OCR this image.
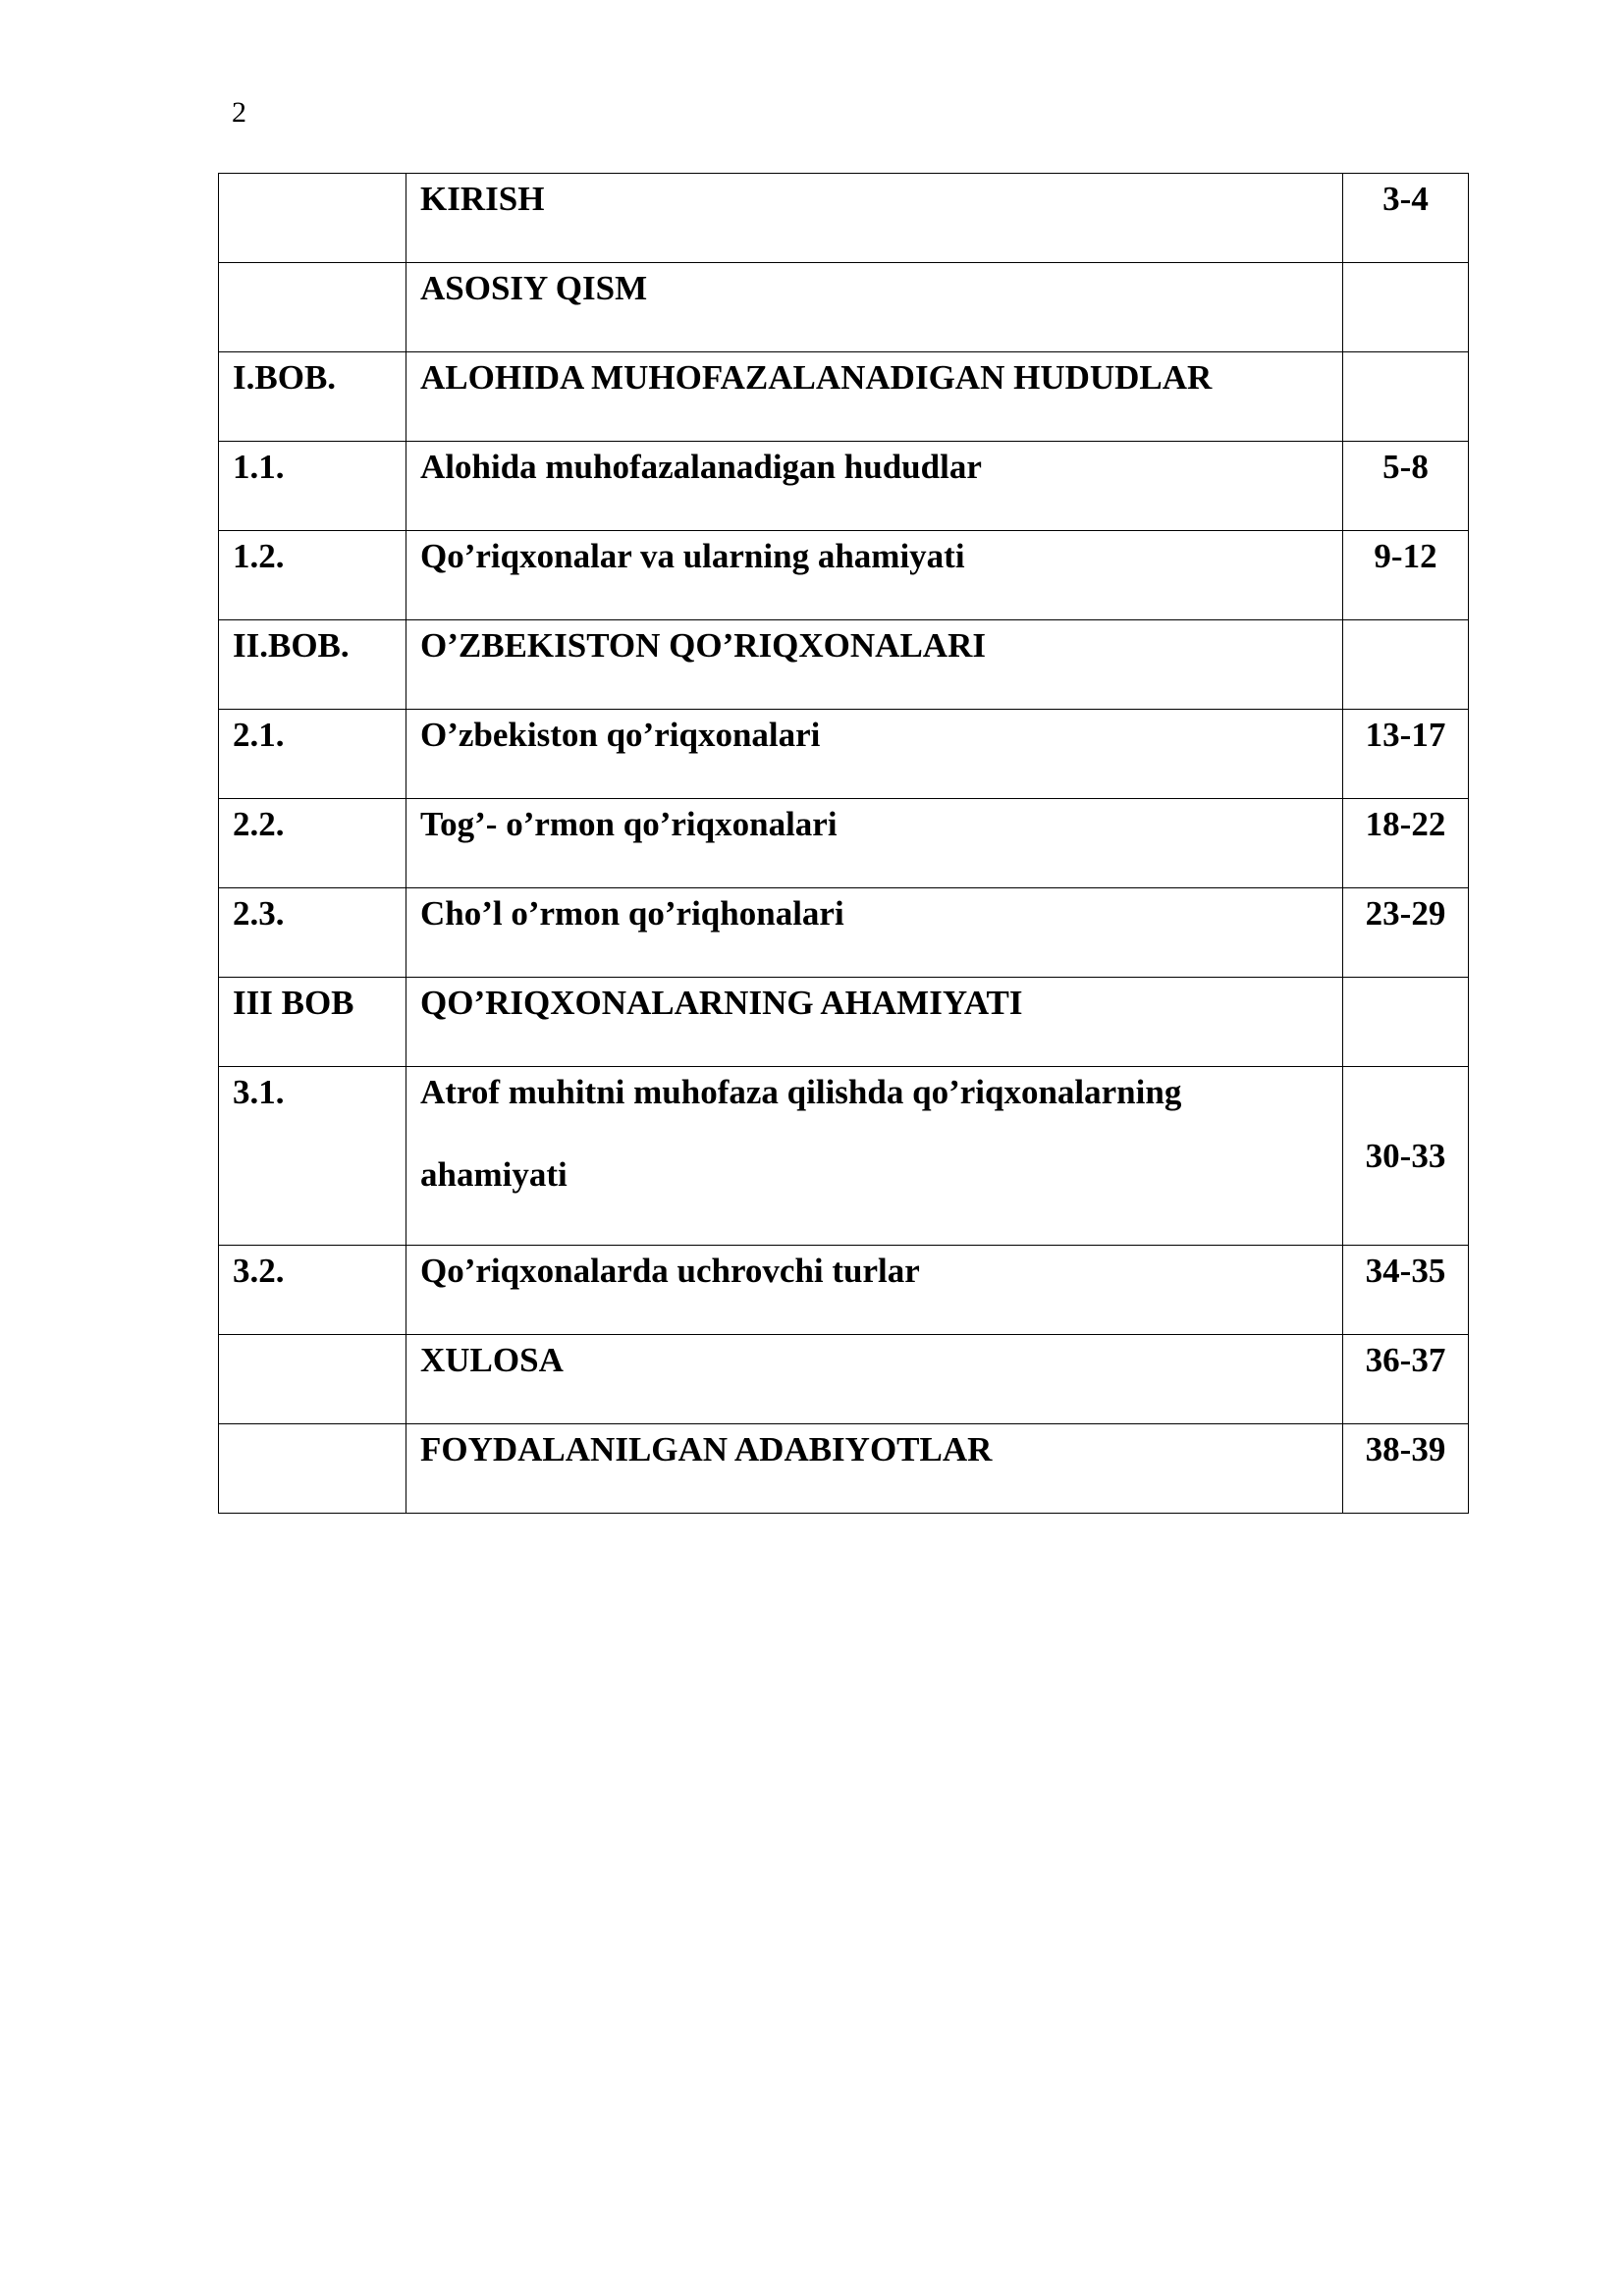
2
	KIRISH	3-4
	ASOSIY QISM	
I.BOB.	ALOHIDA MUHOFAZALANADIGAN HUDUDLAR	
1.1.	Alohida muhofazalanadigan hududlar	5-8
1.2.	Qo’riqxonalar va ularning ahamiyati	9-12
II.BOB.	O’ZBEKISTON QO’RIQXONALARI	
2.1.	O’zbekiston qo’riqxonalari	13-17
2.2.	Tog’- o’rmon qo’riqxonalari	18-22
2.3.	Cho’l o’rmon qo’riqhonalari	23-29
III BOB	QO’RIQXONALARNING AHAMIYATI	
3.1.	Atrof muhitni muhofaza qilishda qo’riqxonalarning ahamiyati	30-33
3.2.	Qo’riqxonalarda uchrovchi turlar	34-35
	XULOSA	36-37
	FOYDALANILGAN ADABIYOTLAR	38-39
